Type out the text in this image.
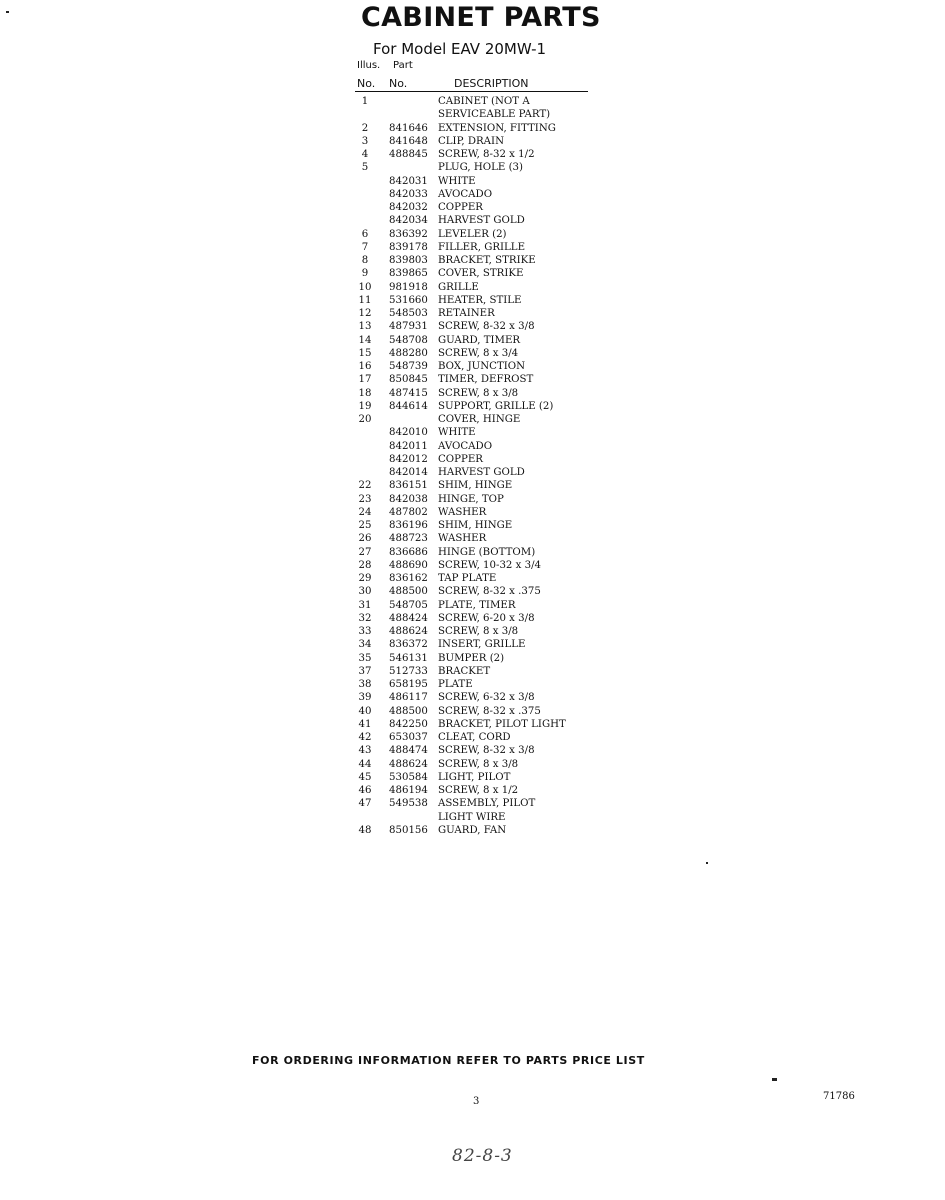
CABINET PARTS
For Model EAV 20MW-1
Illus. Part
No. No.	DESCRIPTION
1	CABINET (NOT A
SERVICEABLE PART)
2	841646 EXTENSION, FITTING
3	841648 CLIP, DRAIN
4	488845 SCREW, 8-32 x 1/2
5	PLUG, HOLE (3)
842031 WHITE
842033 AVOCADO
842032 COPPER
842034 HARVEST GOLD
6	836392 LEVELER (2)
7	839178 FILLER, GRILLE
8	839803 BRACKET, STRIKE
9	839865 COVER, STRIKE
10	981918 GRILLE
11	531660 HEATER, STILE
12	548503 RETAINER
13	487931 SCREW, 8-32 x 3/8
14	548708 GUARD, TIMER
15	488280 SCREW, 8 x 3/4
16	548739 BOX, JUNCTION
17	850845 TIMER, DEFROST
18	487415 SCREW, 8 x 3/8
19	844614 SUPPORT, GRILLE (2)
20	COVER, HINGE
842010 WHITE
842011 AVOCADO
842012 COPPER
842014 HARVEST GOLD
22	836151 SHIM, HINGE
23	842038 HINGE, TOP
24	487802 WASHER
25	836196 SHIM, HINGE
26	488723 WASHER
27	836686 HINGE (BOTTOM)
28	488690 SCREW, 10-32 x 3/4
29	836162 TAP PLATE
30	488500 SCREW, 8-32 x .375
31	548705 PLATE, TIMER
32	488424 SCREW, 6-20 x 3/8
33	488624 SCREW, 8 x 3/8
34	836372 INSERT, GRILLE
35	546131 BUMPER (2)
37	512733 BRACKET
38	658195 PLATE
39	486117 SCREW, 6-32 x 3/8
40	488500 SCREW, 8-32 x .375
41	842250 BRACKET, PILOT LIGHT
42	653037 CLEAT, CORD
43	488474 SCREW, 8-32 x 3/8
44	488624 SCREW, 8 x 3/8
45	530584 LIGHT, PILOT
46	486194 SCREW, 8 x 1/2
47	549538 ASSEMBLY, PILOT
LIGHT WIRE
48	850156 GUARD, FAN
FOR ORDERING INFORMATION REFER TO PARTS PRICE LIST
3	71786
82-8-3
